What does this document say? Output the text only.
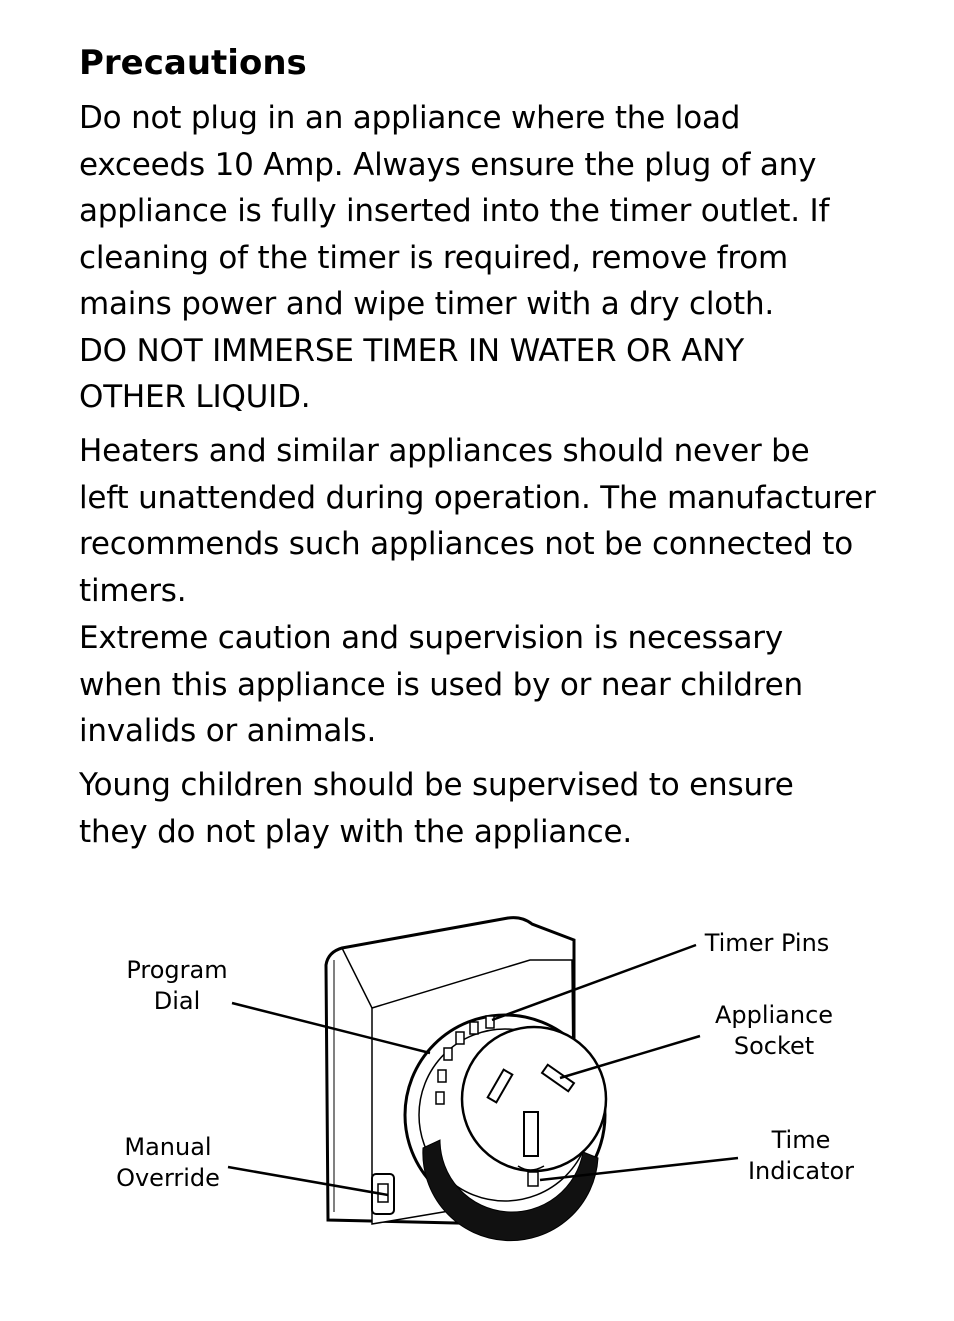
Precautions

Do not plug in an appliance where the load
exceeds 10 Amp. Always ensure the plug of any
appliance is fully inserted into the timer outlet. If
cleaning of the timer is required, remove from
mains power and wipe timer with a dry cloth.
DO NOT IMMERSE TIMER IN WATER OR ANY
OTHER LIQUID.

Heaters and similar appliances should never be
left unattended during operation. The manufacturer
recommends such appliances not be connected to
timers.

Extreme caution and supervision is necessary
when this appliance is used by or near children
invalids or animals.

Young children should be supervised to ensure
they do not play with the appliance.

Program
Dial
Manual
Override
Timer Pins
Appliance
Socket
Time
Indicator
